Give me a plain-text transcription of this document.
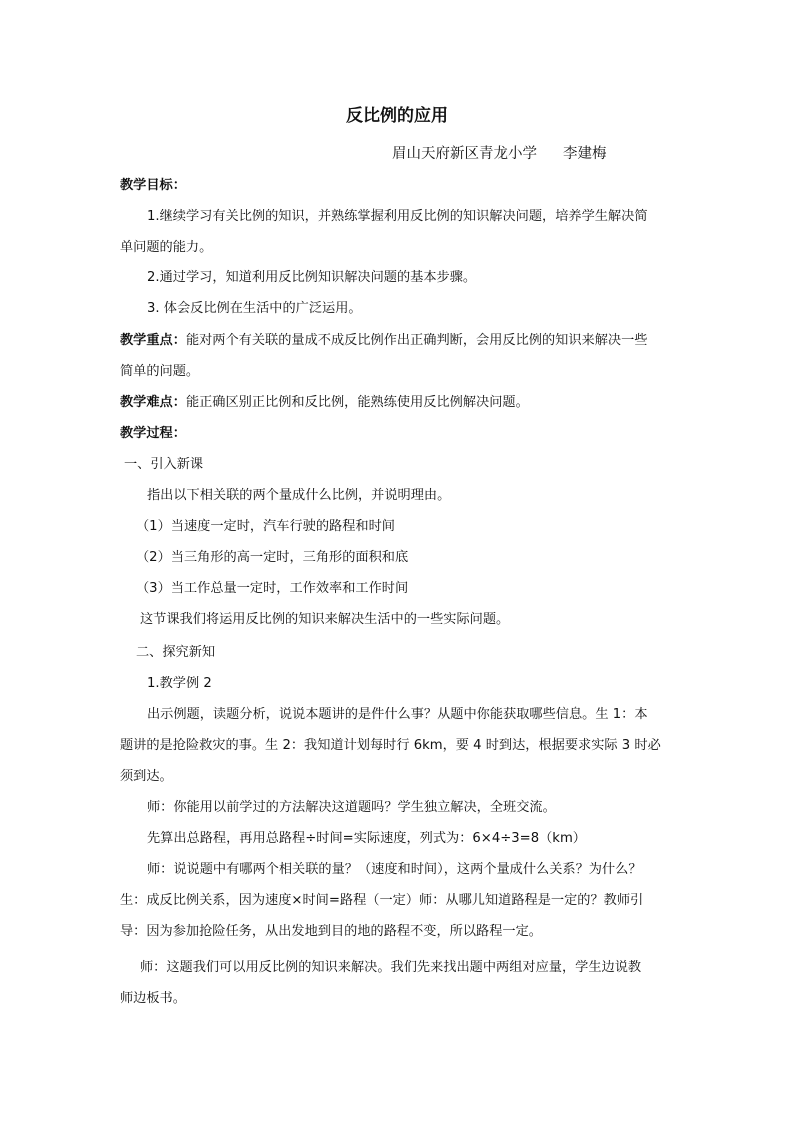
反比例的应用
眉山天府新区青龙小学 李建梅
教学目标：
1.继续学习有关比例的知识，并熟练掌握利用反比例的知识解决问题，培养学生解决简
单问题的能力。
2.通过学习，知道利用反比例知识解决问题的基本步骤。
3. 体会反比例在生活中的广泛运用。
教学重点：能对两个有关联的量成不成反比例作出正确判断，会用反比例的知识来解决一些
简单的问题。
教学难点：能正确区别正比例和反比例，能熟练使用反比例解决问题。
教学过程：
一、引入新课
指出以下相关联的两个量成什么比例，并说明理由。
（1）当速度一定时，汽车行驶的路程和时间
（2）当三角形的高一定时，三角形的面积和底
（3）当工作总量一定时，工作效率和工作时间
这节课我们将运用反比例的知识来解决生活中的一些实际问题。
二、探究新知
1.教学例 2
出示例题，读题分析，说说本题讲的是件什么事？从题中你能获取哪些信息。生 1：本
题讲的是抢险救灾的事。生 2：我知道计划每时行 6km，要 4 时到达，根据要求实际 3 时必
须到达。
师：你能用以前学过的方法解决这道题吗？学生独立解决，全班交流。
先算出总路程，再用总路程÷时间=实际速度，列式为：6×4÷3=8（km）
师：说说题中有哪两个相关联的量？（速度和时间），这两个量成什么关系？为什么？
生：成反比例关系，因为速度×时间=路程（一定）师：从哪儿知道路程是一定的？教师引
导：因为参加抢险任务，从出发地到目的地的路程不变，所以路程一定。
师：这题我们可以用反比例的知识来解决。我们先来找出题中两组对应量，学生边说教
师边板书。
